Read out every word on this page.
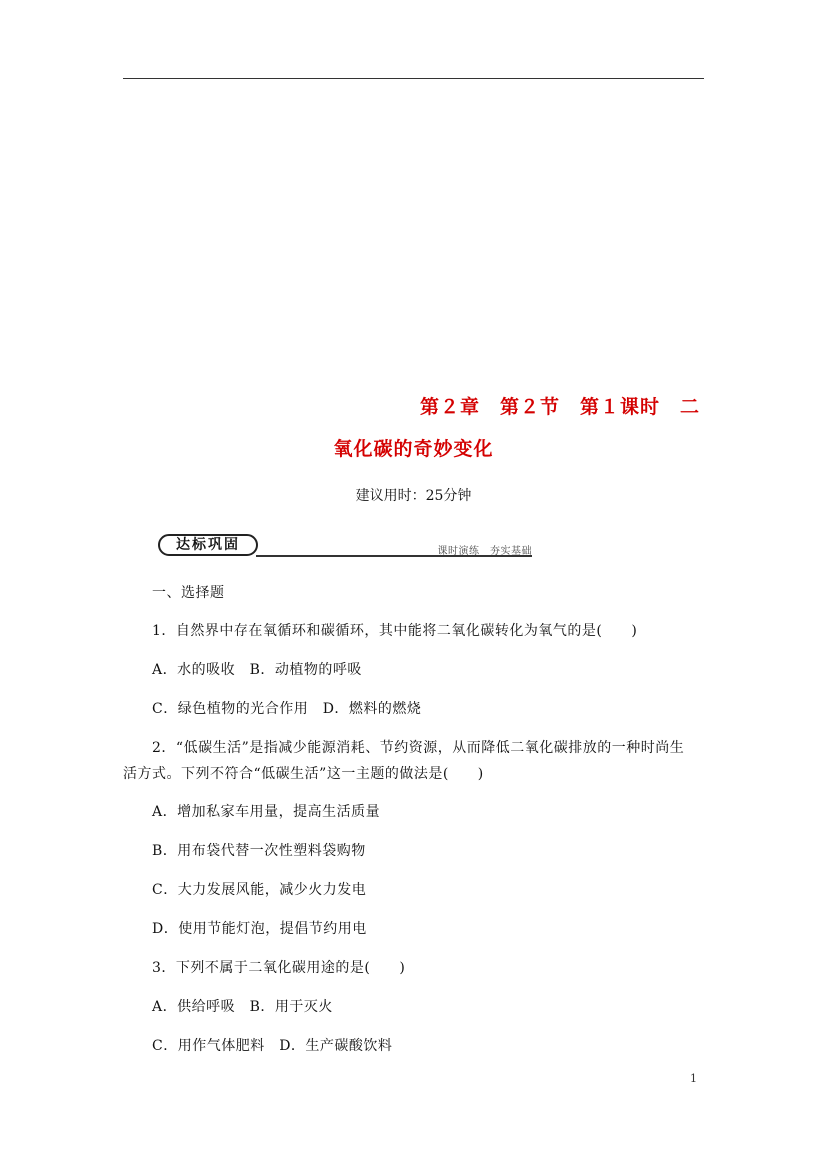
第２章　第２节　第１课时　二
氧化碳的奇妙变化
建议用时：25分钟
达标巩固	课时演练　夯实基础
一、选择题
1．自然界中存在氧循环和碳循环，其中能将二氧化碳转化为氧气的是(　　)
A．水的吸收　B．动植物的呼吸
C．绿色植物的光合作用　D．燃料的燃烧
2．“低碳生活”是指减少能源消耗、节约资源，从而降低二氧化碳排放的一种时尚生
活方式。下列不符合“低碳生活”这一主题的做法是(　　)
A．增加私家车用量，提高生活质量
B．用布袋代替一次性塑料袋购物
C．大力发展风能，减少火力发电
D．使用节能灯泡，提倡节约用电
3．下列不属于二氧化碳用途的是(　　)
A．供给呼吸　B．用于灭火
C．用作气体肥料　D．生产碳酸饮料
1
